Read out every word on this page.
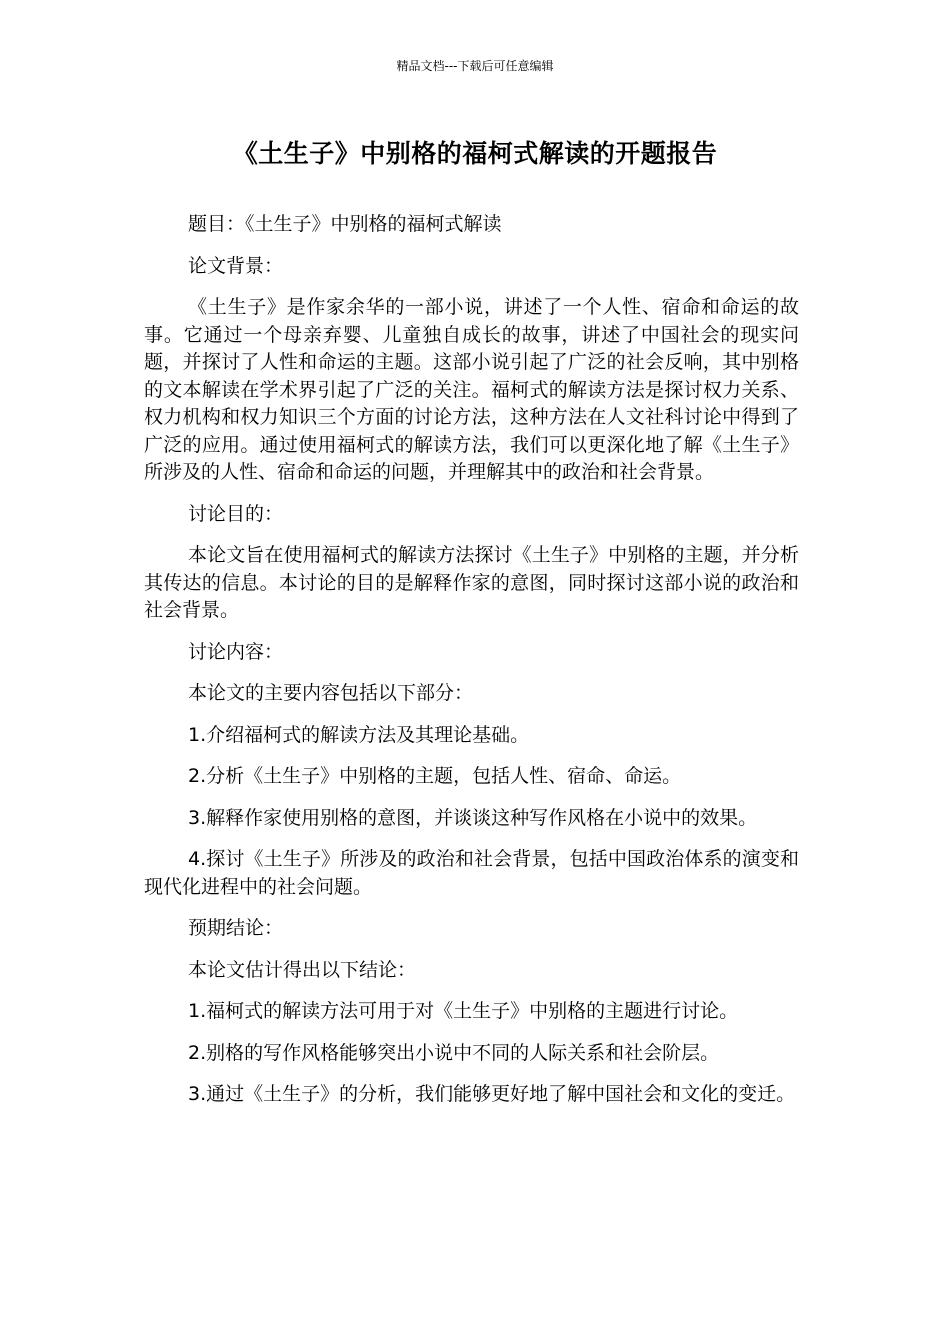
精品文档---下载后可任意编辑
《土生子》中别格的福柯式解读的开题报告

题目：《土生子》中别格的福柯式解读

论文背景：

《土生子》是作家余华的一部小说，讲述了一个人性、宿命和命运的故事。它通过一个母亲弃婴、儿童独自成长的故事，讲述了中国社会的现实问题，并探讨了人性和命运的主题。这部小说引起了广泛的社会反响，其中别格的文本解读在学术界引起了广泛的关注。福柯式的解读方法是探讨权力关系、权力机构和权力知识三个方面的讨论方法，这种方法在人文社科讨论中得到了广泛的应用。通过使用福柯式的解读方法，我们可以更深化地了解《土生子》所涉及的人性、宿命和命运的问题，并理解其中的政治和社会背景。

讨论目的：

本论文旨在使用福柯式的解读方法探讨《土生子》中别格的主题，并分析其传达的信息。本讨论的目的是解释作家的意图，同时探讨这部小说的政治和社会背景。

讨论内容：

本论文的主要内容包括以下部分：

1.介绍福柯式的解读方法及其理论基础。

2.分析《土生子》中别格的主题，包括人性、宿命、命运。

3.解释作家使用别格的意图，并谈谈这种写作风格在小说中的效果。

4.探讨《土生子》所涉及的政治和社会背景，包括中国政治体系的演变和现代化进程中的社会问题。

预期结论：

本论文估计得出以下结论：

1.福柯式的解读方法可用于对《土生子》中别格的主题进行讨论。

2.别格的写作风格能够突出小说中不同的人际关系和社会阶层。

3.通过《土生子》的分析，我们能够更好地了解中国社会和文化的变迁。
